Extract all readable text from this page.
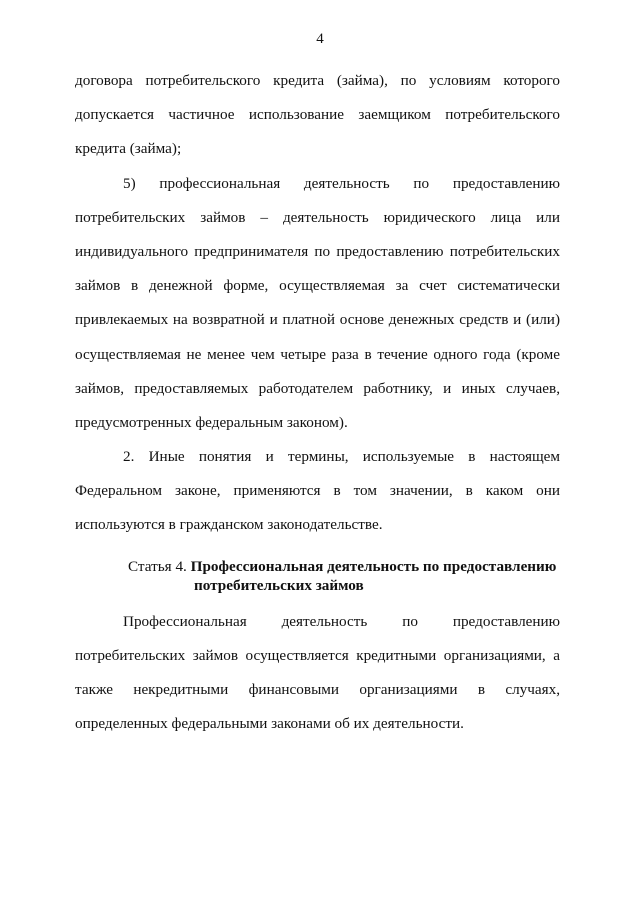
4
договора потребительского кредита (займа), по условиям которого
допускается частичное использование заемщиком потребительского
кредита (займа);
5) профессиональная деятельность по предоставлению
потребительских займов – деятельность юридического лица или
индивидуального предпринимателя по предоставлению потребительских
займов в денежной форме, осуществляемая за счет систематически
привлекаемых на возвратной и платной основе денежных средств и (или)
осуществляемая не менее чем четыре раза в течение одного года (кроме
займов, предоставляемых работодателем работнику, и иных случаев,
предусмотренных федеральным законом).
2. Иные понятия и термины, используемые в настоящем
Федеральном законе, применяются в том значении, в каком они
используются в гражданском законодательстве.
Статья 4. Профессиональная деятельность по предоставлению
потребительских займов
Профессиональная деятельность по предоставлению
потребительских займов осуществляется кредитными организациями, а
также некредитными финансовыми организациями в случаях,
определенных федеральными законами об их деятельности.
